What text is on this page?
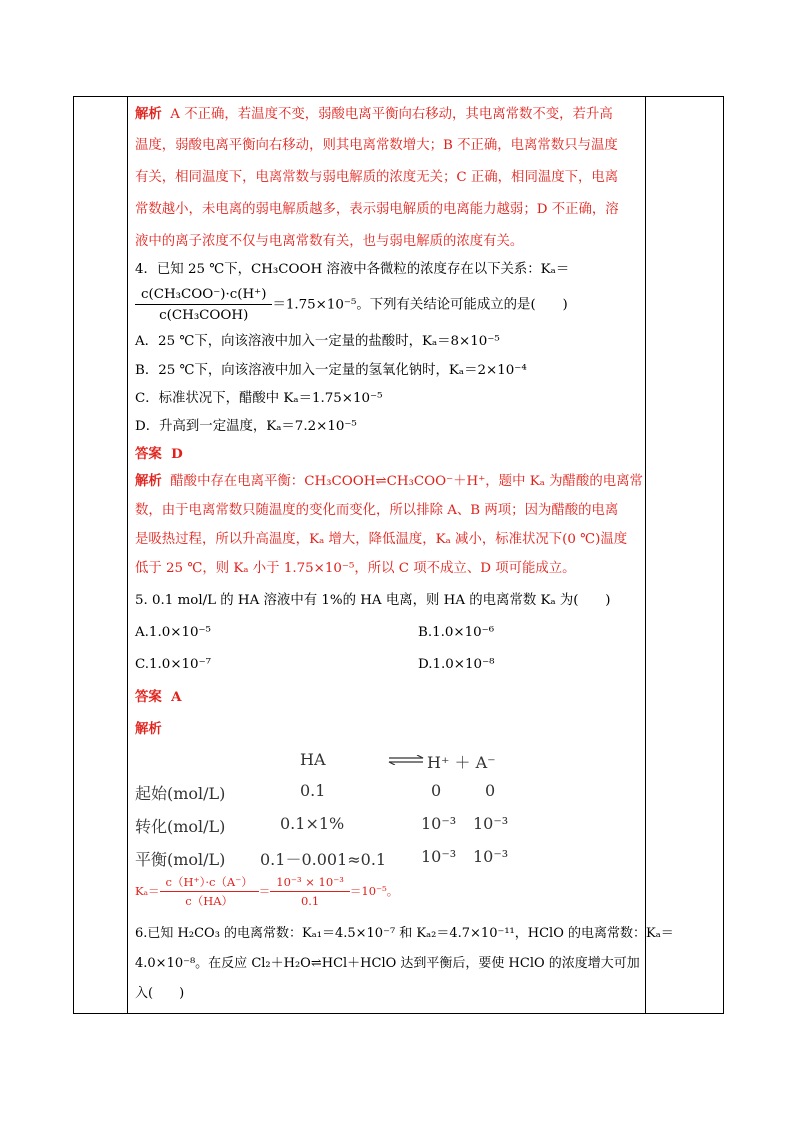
解析 A 不正确，若温度不变，弱酸电离平衡向右移动，其电离常数不变，若升高
温度，弱酸电离平衡向右移动，则其电离常数增大；B 不正确，电离常数只与温度
有关，相同温度下，电离常数与弱电解质的浓度无关；C 正确，相同温度下，电离
常数越小，未电离的弱电解质越多，表示弱电解质的电离能力越弱；D 不正确，溶
液中的离子浓度不仅与电离常数有关，也与弱电解质的浓度有关。
4．已知 25 ℃下，CH₃COOH 溶液中各微粒的浓度存在以下关系：Kₐ＝
$\frac{\text{c(CH₃COO⁻)·c(H⁺)}}{\text{c(CH₃COOH)}} =1.75\times 10^{-5}$。下列有关结论可能成立的是(　　)
A．25 ℃下，向该溶液中加入一定量的盐酸时，Kₐ＝8×10⁻⁵
B．25 ℃下，向该溶液中加入一定量的氢氧化钠时，Kₐ＝2×10⁻⁴
C．标准状况下，醋酸中 Kₐ＝1.75×10⁻⁵
D．升高到一定温度，Kₐ＝7.2×10⁻⁵
答案 D
解析 醋酸中存在电离平衡：CH₃COOH⇌CH₃COO⁻＋H⁺，题中 Kₐ 为醋酸的电离常
数，由于电离常数只随温度的变化而变化，所以排除 A、B 两项；因为醋酸的电离
是吸热过程，所以升高温度，Kₐ 增大，降低温度，Kₐ 减小，标准状况下(0 ℃)温度
低于 25 ℃，则 Kₐ 小于 1.75×10⁻⁵，所以 C 项不成立、D 项可能成立。
5. 0.1 mol/L 的 HA 溶液中有 1%的 HA 电离，则 HA 的电离常数 Kₐ 为(　　)
A.1.0×10⁻⁵	B.1.0×10⁻⁶
C.1.0×10⁻⁷	D.1.0×10⁻⁸
答案 A
解析
HA	⇌ H⁺ ＋ A⁻
起始(mol/L)	0.1	0	0
转化(mol/L)	0.1×1%	10⁻³ 10⁻³
平衡(mol/L) 0.1－0.001≈0.1 10⁻³ 10⁻³
$K_a= \frac{c(H^+)\cdot c(A^-)}{c(HA)} = \frac{\text{10⁻³ × 10⁻³}}{0.1} =10^{-5}$。
6.已知 H₂CO₃ 的电离常数：Kₐ₁＝4.5×10⁻⁷ 和 Kₐ₂＝4.7×10⁻¹¹，HClO 的电离常数：Kₐ＝
4.0×10⁻⁸。在反应 Cl₂＋H₂O⇌HCl＋HClO 达到平衡后，要使 HClO 的浓度增大可加
入(　　)
